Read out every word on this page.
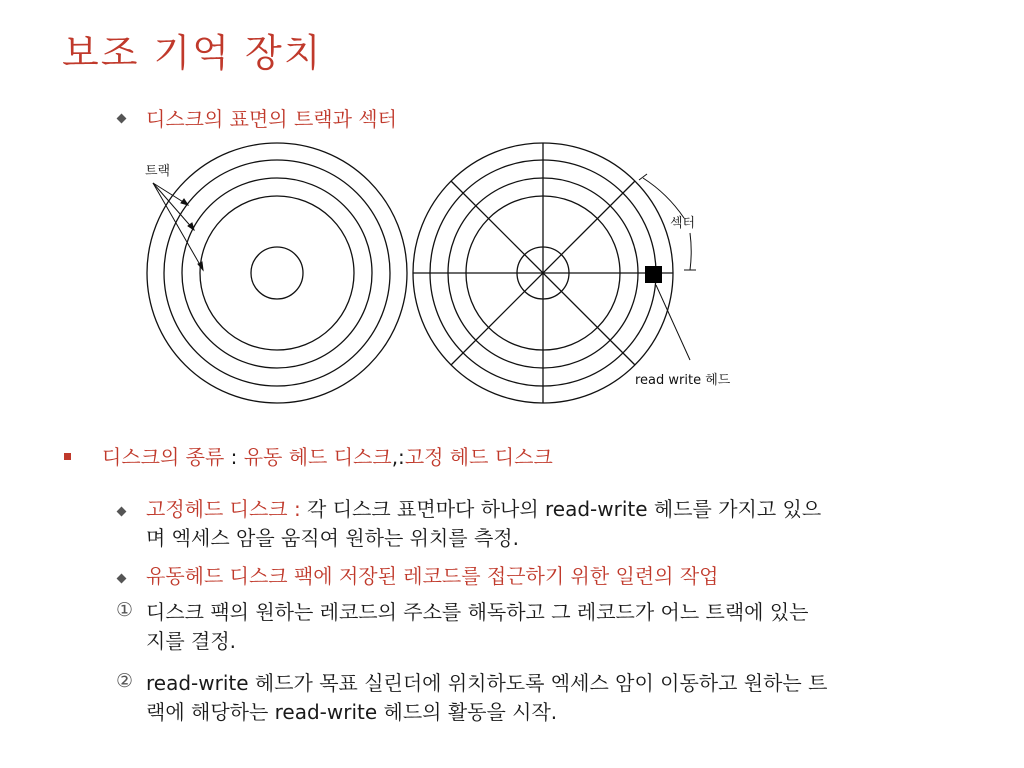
보조 기억 장치
디스크의 표면의 트랙과 섹터
트랙
read write 헤드
섹터
디스크의 종류 : 유동 헤드 디스크,:고정 헤드 디스크
고정헤드 디스크 : 각 디스크 표면마다 하나의 read-write 헤드를 가지고 있으
며 엑세스 암을 움직여 원하는 위치를 측정.
유동헤드 디스크 팩에 저장된 레코드를 접근하기 위한 일련의 작업
① 디스크 팩의 원하는 레코드의 주소를 해독하고 그 레코드가 어느 트랙에 있는
지를 결정.
② read-write 헤드가 목표 실린더에 위치하도록 엑세스 암이 이동하고 원하는 트
랙에 해당하는 read-write 헤드의 활동을 시작.
